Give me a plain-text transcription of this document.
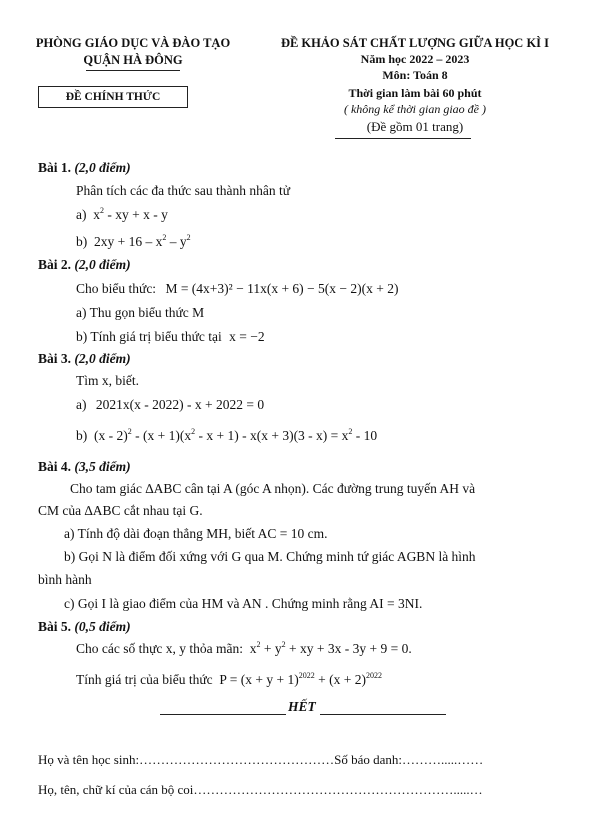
PHÒNG GIÁO DỤC VÀ ĐÀO TẠO
QUẬN HÀ ĐÔNG
ĐỀ CHÍNH THỨC
ĐỀ KHẢO SÁT CHẤT LƯỢNG GIỮA HỌC KÌ I
Năm học 2022 – 2023
Môn: Toán 8
Thời gian làm bài 60 phút
( không kể thời gian giao đề )
(Đề gồm 01 trang)
Bài 1. (2,0 điểm)
Phân tích các đa thức sau thành nhân tử
a)  $x^2$ - xy + x - y
b)  $2xy + 16 - x^2 - y^2$
Bài 2. (2,0 điểm)
Cho biểu thức: M = (4x+3)² − 11x(x + 6) − 5(x − 2)(x + 2)
a) Thu gọn biểu thức M
b) Tính giá trị biểu thức tại x = −2
Bài 3. (2,0 điểm)
Tìm x, biết.
a) 2021x(x - 2022) - x + 2022 = 0
b)  $(x - 2)^2 - (x + 1)(x^2 - x + 1) - x(x + 3)(3 - x) = x^2 - 10$
Bài 4. (3,5 điểm)
Cho tam giác ∆ABC cân tại A (góc A nhọn). Các đường trung tuyến AH và
CM của ∆ABC cắt nhau tại G.
a) Tính độ dài đoạn thẳng MH, biết AC = 10 cm.
b) Gọi N là điểm đối xứng với G qua M. Chứng minh tứ giác AGBN là hình
bình hành
c) Gọi I là giao điểm của HM và AN . Chứng minh rằng AI = 3NI.
Bài 5. (0,5 điểm)
Cho các số thực x, y thỏa mãn:  $x^2 + y^2$ + xy + 3x - 3y + 9 = 0.
Tính giá trị của biểu thức  $P = (x + y + 1)^{2022} + (x + 2)^{2022}$
HẾT
Họ và tên học sinh:………………………………………Số báo danh:……….....……
Họ, tên, chữ kí của cán bộ coi…………………………………………………….....…
